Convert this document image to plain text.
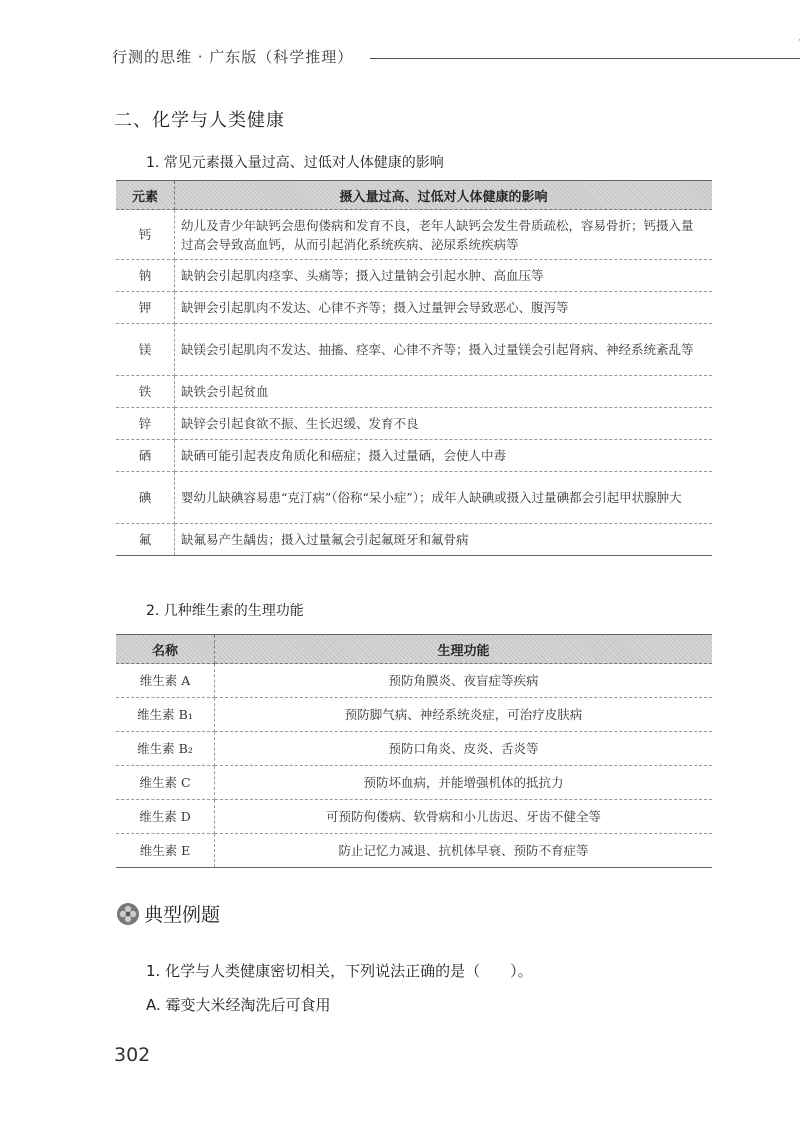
行测的思维 · 广东版（科学推理）
二、化学与人类健康
1. 常见元素摄入量过高、过低对人体健康的影响
元素	摄入量过高、过低对人体健康的影响
钙	幼儿及青少年缺钙会患佝偻病和发育不良，老年人缺钙会发生骨质疏松，容易骨折；钙摄入量过高会导致高血钙，从而引起消化系统疾病、泌尿系统疾病等
钠	缺钠会引起肌肉痉挛、头痛等；摄入过量钠会引起水肿、高血压等
钾	缺钾会引起肌肉不发达、心律不齐等；摄入过量钾会导致恶心、腹泻等
镁	缺镁会引起肌肉不发达、抽搐、痉挛、心律不齐等；摄入过量镁会引起肾病、神经系统紊乱等
铁	缺铁会引起贫血
锌	缺锌会引起食欲不振、生长迟缓、发育不良
硒	缺硒可能引起表皮角质化和癌症；摄入过量硒，会使人中毒
碘	婴幼儿缺碘容易患“克汀病”（俗称“呆小症”）；成年人缺碘或摄入过量碘都会引起甲状腺肿大
氟	缺氟易产生龋齿；摄入过量氟会引起氟斑牙和氟骨病
2. 几种维生素的生理功能
名称	生理功能
维生素 A	预防角膜炎、夜盲症等疾病
维生素 B₁	预防脚气病、神经系统炎症，可治疗皮肤病
维生素 B₂	预防口角炎、皮炎、舌炎等
维生素 C	预防坏血病，并能增强机体的抵抗力
维生素 D	可预防佝偻病、软骨病和小儿齿迟、牙齿不健全等
维生素 E	防止记忆力减退、抗机体早衰、预防不育症等
典型例题
1. 化学与人类健康密切相关，下列说法正确的是（　　）。
A. 霉变大米经淘洗后可食用
302
